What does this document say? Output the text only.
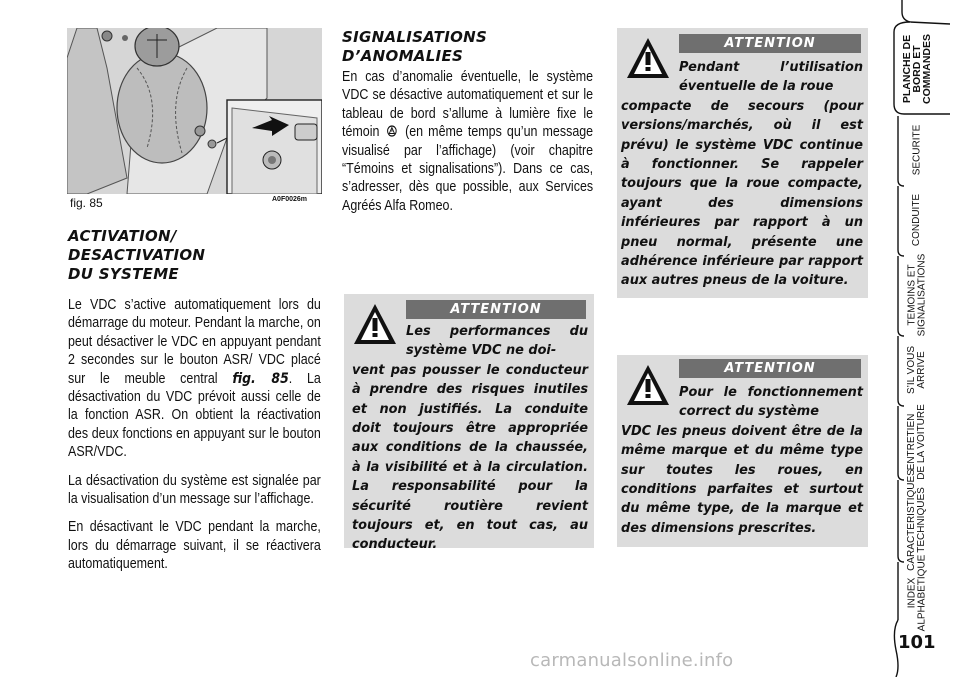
fig. 85	A0F0026m
ACTIVATION/
DESACTIVATION
DU SYSTEME

Le VDC s’active automatiquement lors du démarrage du moteur. Pendant la marche, on peut désactiver le VDC en appuyant pendant 2 secondes sur le bouton ASR/ VDC placé sur le meuble central fig. 85. La désactivation du VDC prévoit aussi celle de la fonction ASR. On obtient la réactivation des deux fonctions en appuyant sur le bouton ASR/VDC.

La désactivation du système est signalée par la visualisation d’un message sur l’affichage.

En désactivant le VDC pendant la marche, lors du démarrage suivant, il se réactivera automatiquement.

SIGNALISATIONS
D’ANOMALIES

En cas d’anomalie éventuelle, le système VDC se désactive automatiquement et sur le tableau de bord s’allume à lumière fixe le témoin (en même temps qu’un message visualisé par l’affichage) (voir chapitre “Témoins et signalisations”). Dans ce cas, s’adresser, dès que possible, aux Services Agréés Alfa Romeo.

ATTENTION
Les performances du système VDC ne doi-
vent pas pousser le conducteur à prendre des risques inutiles et non justifiés. La conduite doit toujours être appropriée aux conditions de la chaussée, à la visibilité et à la circulation. La responsabilité pour la sécurité routière revient toujours et, en tout cas, au conducteur.
ATTENTION
Pendant l’utilisation éventuelle de la roue
compacte de secours (pour versions/marchés, où il est prévu) le système VDC continue à fonctionner. Se rappeler toujours que la roue compacte, ayant des dimensions inférieures par rapport à un pneu normal, présente une adhérence inférieure par rapport aux autres pneus de la voiture.
ATTENTION
Pour le fonctionnement correct du système
VDC les pneus doivent être de la même marque et du même type sur toutes les roues, en conditions parfaites et surtout du même type, de la marque et des dimensions prescrites.
PLANCHE DE
BORD ET
COMMANDES
SECURITE
CONDUITE
TEMOINS ET
SIGNALISATIONS
S’IL VOUS
ARRIVE
ENTRETIEN
DE LA VOITURE
CARACTERISTIQUES
TECHNIQUES
INDEX
ALPHABETIQUE
101
carmanualsonline.info
